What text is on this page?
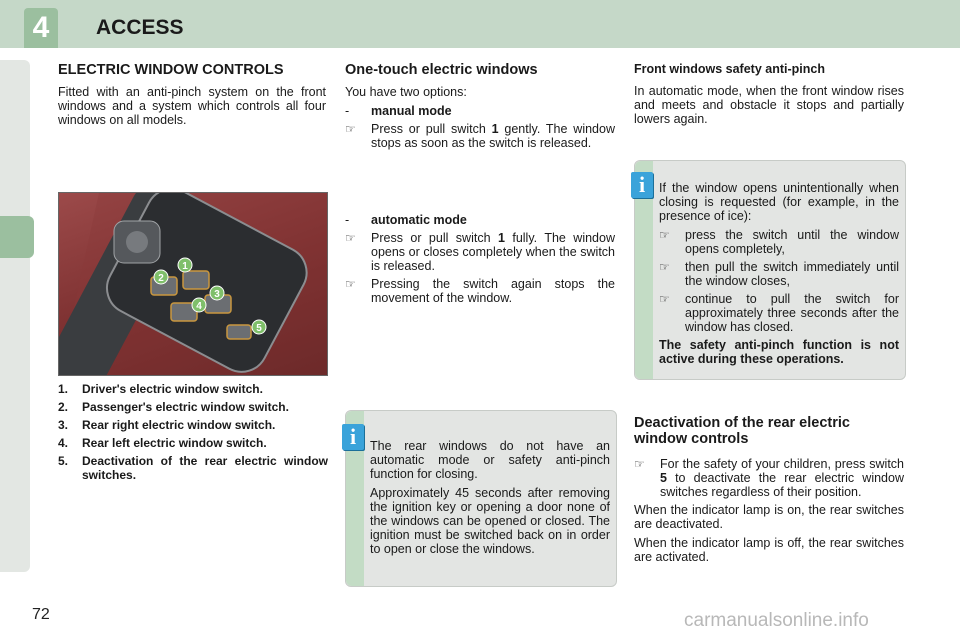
4	ACCESS
ELECTRIC WINDOW CONTROLS

Fitted with an anti-pinch system on the front windows and a system which controls all four windows on all models.

1
2
3
4
5
1.	Driver's electric window switch.
2.	Passenger's electric window switch.
3.	Rear right electric window switch.
4.	Rear left electric window switch.
5.	Deactivation of the rear electric window switches.
One-touch electric windows

You have two options:

-	manual mode
☞	Press or pull switch 1 gently. The window stops as soon as the switch is released.
-	automatic mode
☞	Press or pull switch 1 fully. The window opens or closes completely when the switch is released.
☞	Pressing the switch again stops the movement of the window.

The rear windows do not have an automatic mode or safety anti-pinch function for closing.

Approximately 45 seconds after removing the ignition key or opening a door none of the windows can be opened or closed. The ignition must be switched back on in order to open or close the windows.

i

Front windows safety anti-pinch

In automatic mode, when the front window rises and meets and obstacle it stops and partially lowers again.

If the window opens unintentionally when closing is requested (for example, in the presence of ice):

☞	press the switch until the window opens completely,
☞	then pull the switch immediately until the window closes,
☞	continue to pull the switch for approximately three seconds after the window has closed.

The safety anti-pinch function is not active during these operations.

i
Deactivation of the rear electric window controls
☞	For the safety of your children, press switch 5 to deactivate the rear electric window switches regardless of their position.

When the indicator lamp is on, the rear switches are deactivated.

When the indicator lamp is off, the rear switches are activated.

72	carmanualsonline.info
